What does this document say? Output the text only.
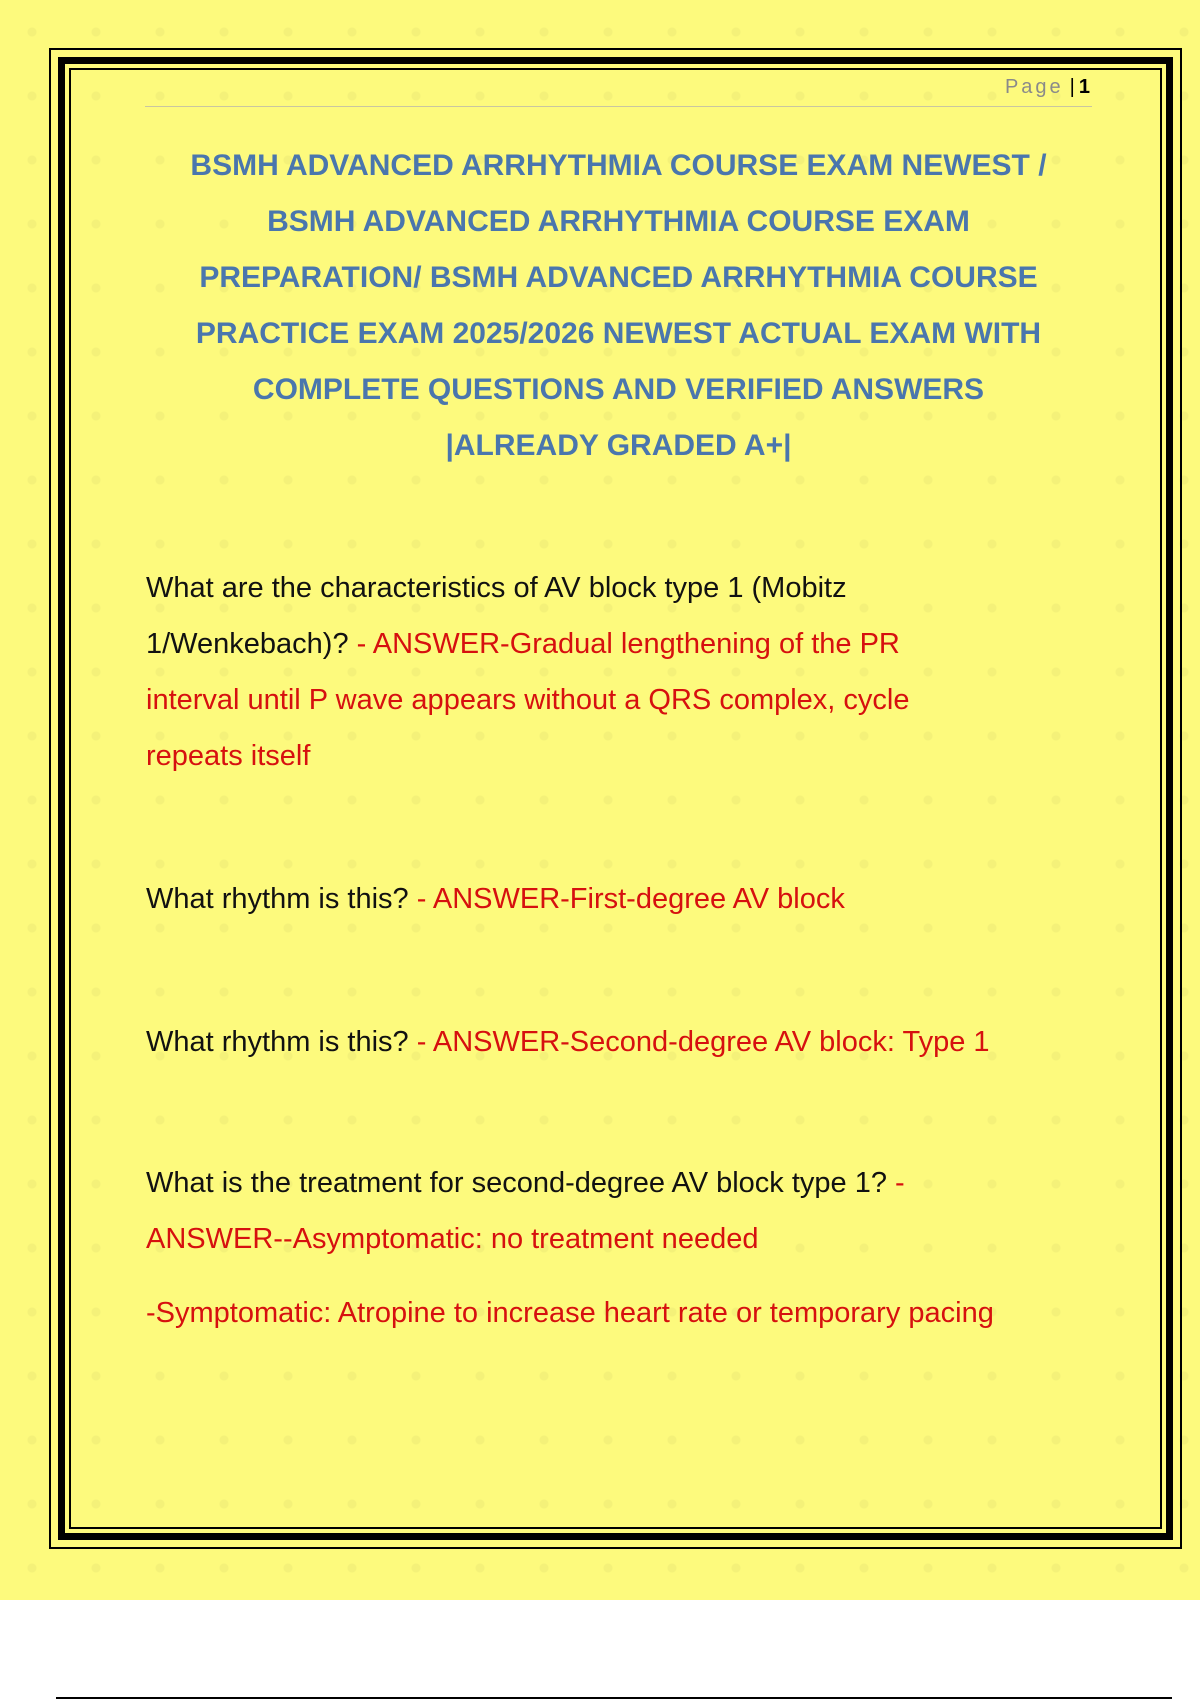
Page | 1
BSMH ADVANCED ARRHYTHMIA COURSE EXAM NEWEST /
BSMH ADVANCED ARRHYTHMIA COURSE EXAM
PREPARATION/ BSMH ADVANCED ARRHYTHMIA COURSE
PRACTICE EXAM 2025/2026 NEWEST ACTUAL EXAM WITH
COMPLETE QUESTIONS AND VERIFIED ANSWERS
|ALREADY GRADED A+|
What are the characteristics of AV block type 1 (Mobitz
1/Wenkebach)? - ANSWER-Gradual lengthening of the PR
interval until P wave appears without a QRS complex, cycle
repeats itself
What rhythm is this? - ANSWER-First-degree AV block
What rhythm is this? - ANSWER-Second-degree AV block: Type 1
What is the treatment for second-degree AV block type 1? -
ANSWER--Asymptomatic: no treatment needed
-Symptomatic: Atropine to increase heart rate or temporary pacing
